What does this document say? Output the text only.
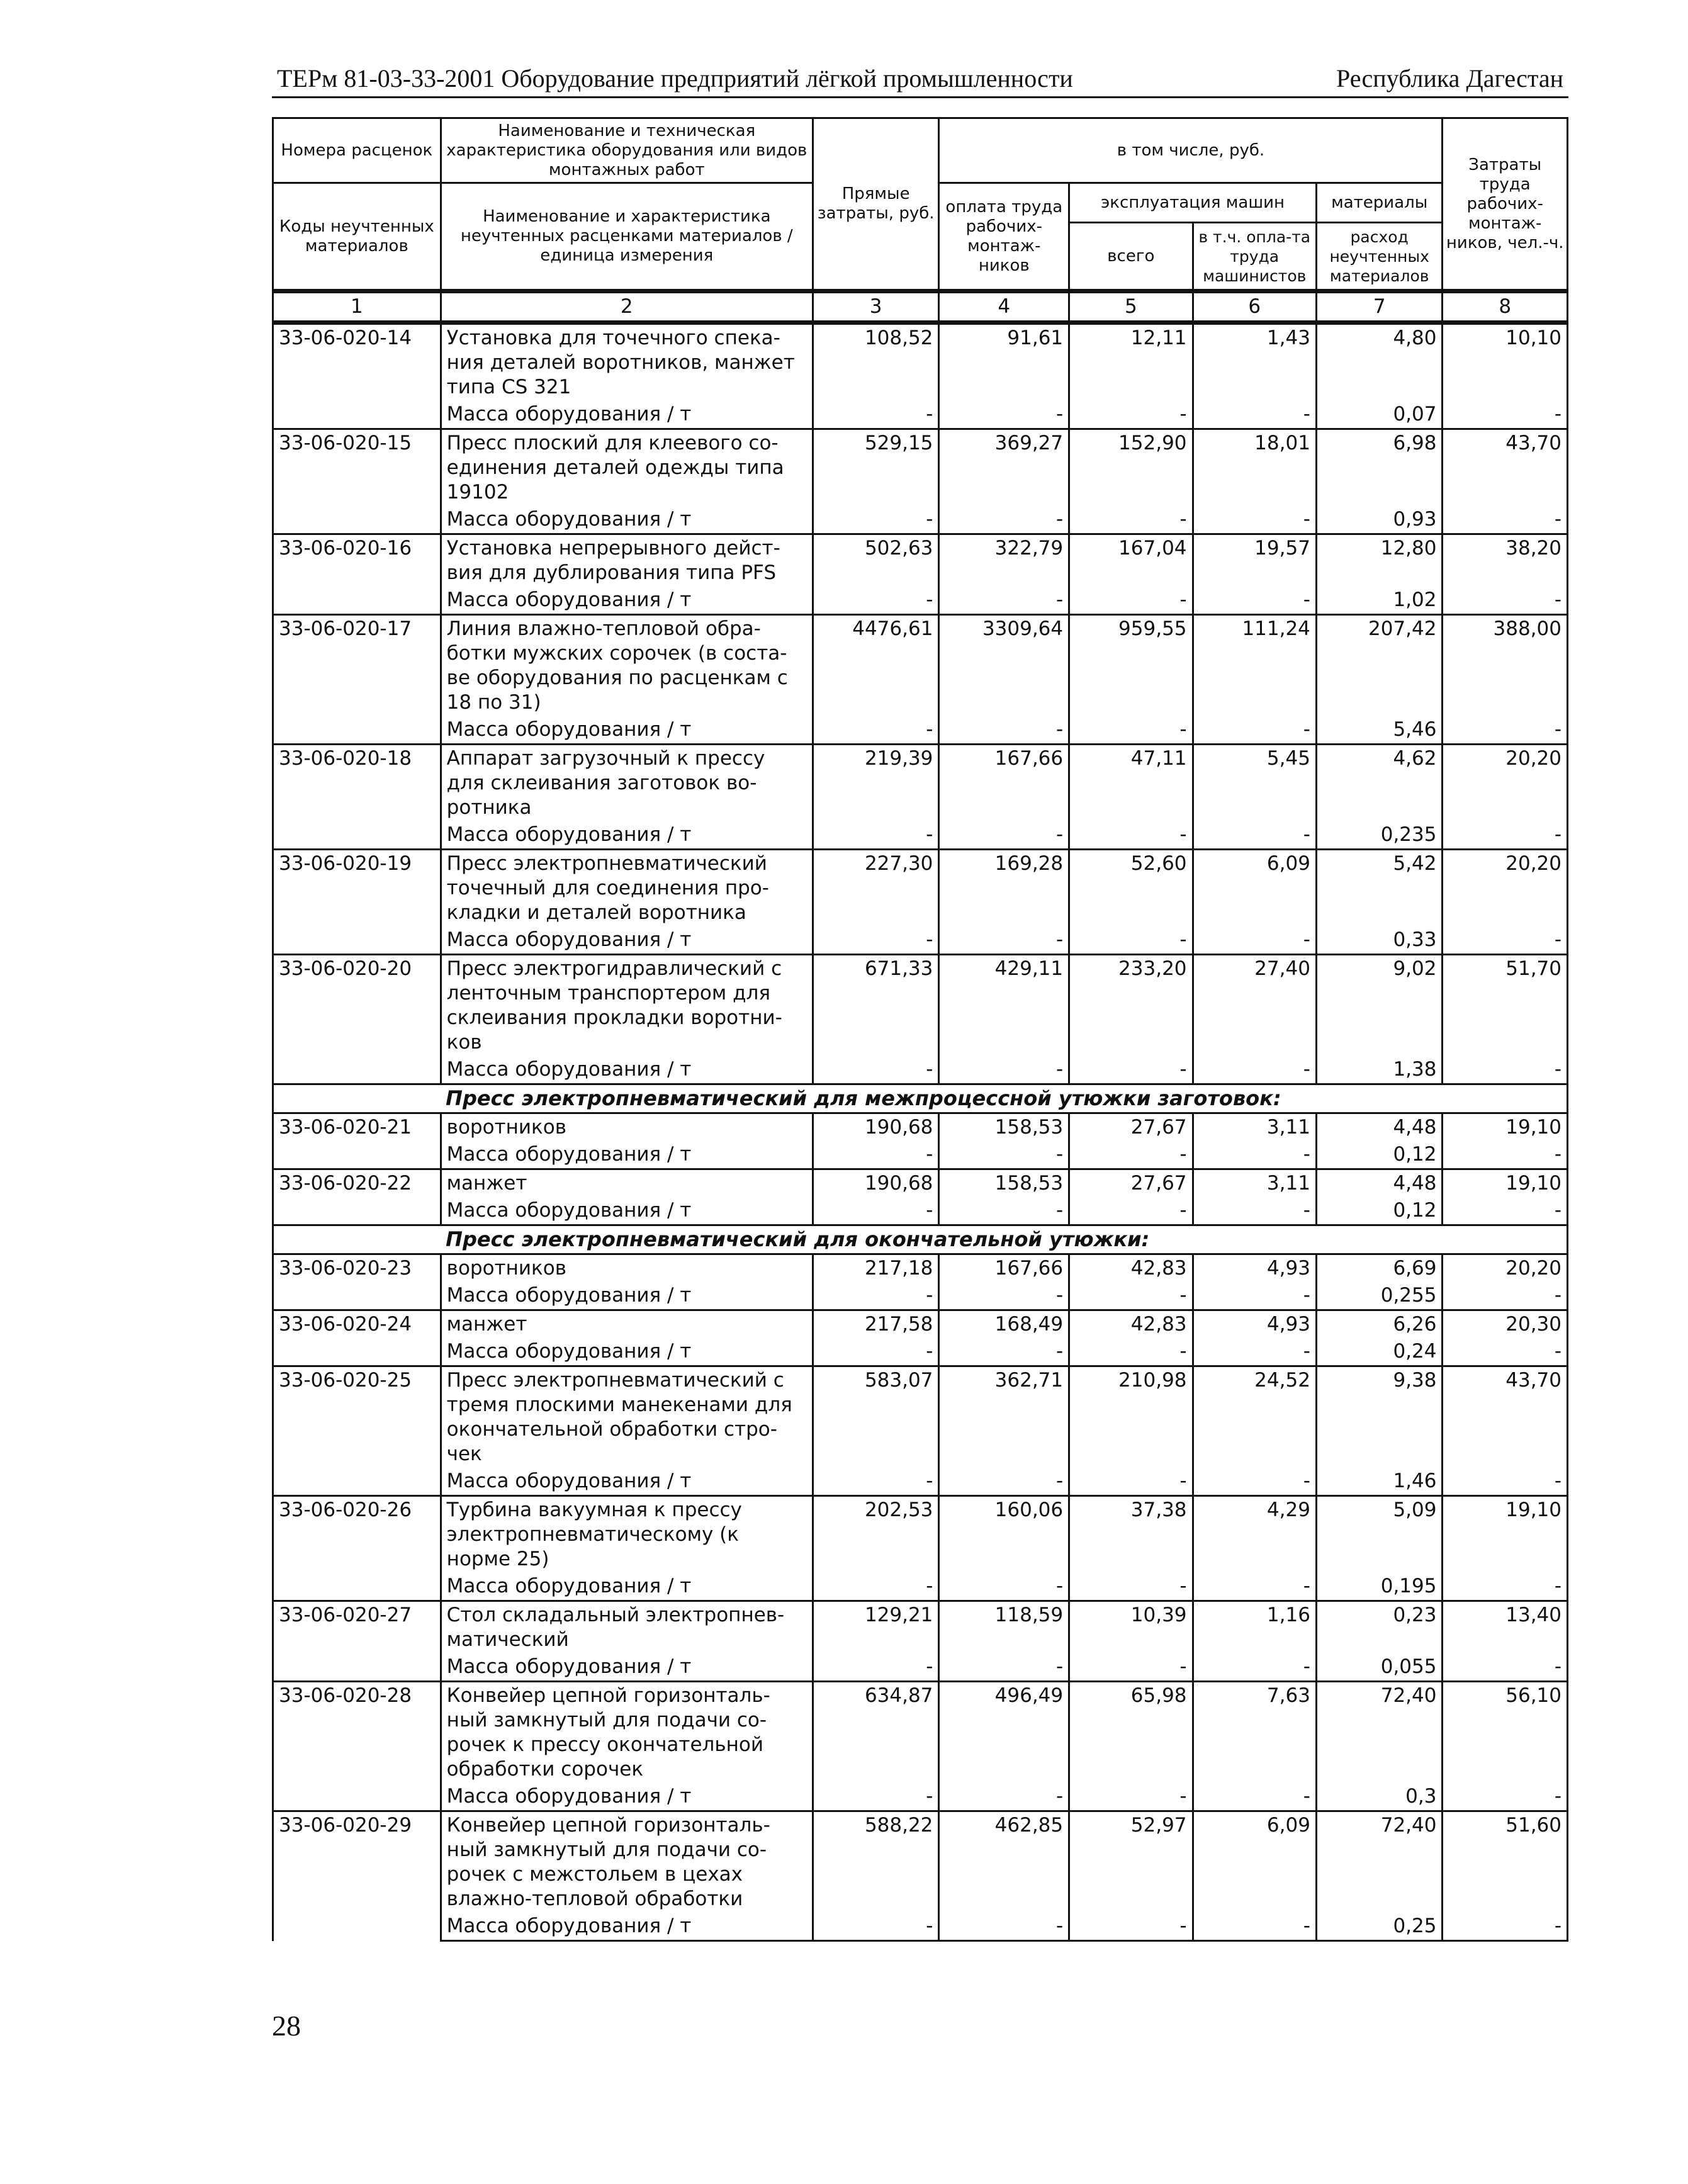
ТЕРм 81-03-33-2001 Оборудование предприятий лёгкой промышленности	Республика Дагестан
Номера расценок	Наименование и техническая характеристика оборудования или видов монтажных работ	Прямые затраты, руб.	в том числе, руб.				Затраты труда рабочих-монтаж-ников, чел.-ч.
Коды неучтенных материалов	Наименование и характеристика неучтенных расценками материалов / единица измерения		оплата труда рабочих-монтаж-ников	эксплуатация машин		материалы	
				всего	в т.ч. опла-та труда машинистов	расход неучтенных материалов	
1	2	3	4	5	6	7	8
33-06-020-14	Установка для точечного спека-ния деталей воротников, манжет типа CS 321	108,52	91,61	12,11	1,43	4,80	10,10
	Масса оборудования / т	-	-	-	-	0,07	-
33-06-020-15	Пресс плоский для клеевого со-единения деталей одежды типа 19102	529,15	369,27	152,90	18,01	6,98	43,70
	Масса оборудования / т	-	-	-	-	0,93	-
33-06-020-16	Установка непрерывного дейст-вия для дублирования типа PFS	502,63	322,79	167,04	19,57	12,80	38,20
	Масса оборудования / т	-	-	-	-	1,02	-
33-06-020-17	Линия влажно-тепловой обра-ботки мужских сорочек (в соста-ве оборудования по расценкам с 18 по 31)	4476,61	3309,64	959,55	111,24	207,42	388,00
	Масса оборудования / т	-	-	-	-	5,46	-
33-06-020-18	Аппарат загрузочный к прессу для склеивания заготовок во-ротника	219,39	167,66	47,11	5,45	4,62	20,20
	Масса оборудования / т	-	-	-	-	0,235	-
33-06-020-19	Пресс электропневматический точечный для соединения про-кладки и деталей воротника	227,30	169,28	52,60	6,09	5,42	20,20
	Масса оборудования / т	-	-	-	-	0,33	-
33-06-020-20	Пресс электрогидравлический с ленточным транспортером для склеивания прокладки воротни-ков	671,33	429,11	233,20	27,40	9,02	51,70
	Масса оборудования / т	-	-	-	-	1,38	-
	Пресс электропневматический для межпроцессной утюжки заготовок:						
33-06-020-21	воротников	190,68	158,53	27,67	3,11	4,48	19,10
	Масса оборудования / т	-	-	-	-	0,12	-
33-06-020-22	манжет	190,68	158,53	27,67	3,11	4,48	19,10
	Масса оборудования / т	-	-	-	-	0,12	-
	Пресс электропневматический для окончательной утюжки:						
33-06-020-23	воротников	217,18	167,66	42,83	4,93	6,69	20,20
	Масса оборудования / т	-	-	-	-	0,255	-
33-06-020-24	манжет	217,58	168,49	42,83	4,93	6,26	20,30
	Масса оборудования / т	-	-	-	-	0,24	-
33-06-020-25	Пресс электропневматический с тремя плоскими манекенами для окончательной обработки стро-чек	583,07	362,71	210,98	24,52	9,38	43,70
	Масса оборудования / т	-	-	-	-	1,46	-
33-06-020-26	Турбина вакуумная к прессу электропневматическому (к норме 25)	202,53	160,06	37,38	4,29	5,09	19,10
	Масса оборудования / т	-	-	-	-	0,195	-
33-06-020-27	Стол складальный электропнев-матический	129,21	118,59	10,39	1,16	0,23	13,40
	Масса оборудования / т	-	-	-	-	0,055	-
33-06-020-28	Конвейер цепной горизонталь-ный замкнутый для подачи со-рочек к прессу окончательной обработки сорочек	634,87	496,49	65,98	7,63	72,40	56,10
	Масса оборудования / т	-	-	-	-	0,3	-
33-06-020-29	Конвейер цепной горизонталь-ный замкнутый для подачи со-рочек с межстольем в цехах влажно-тепловой обработки	588,22	462,85	52,97	6,09	72,40	51,60
	Масса оборудования / т	-	-	-	-	0,25	-
28
